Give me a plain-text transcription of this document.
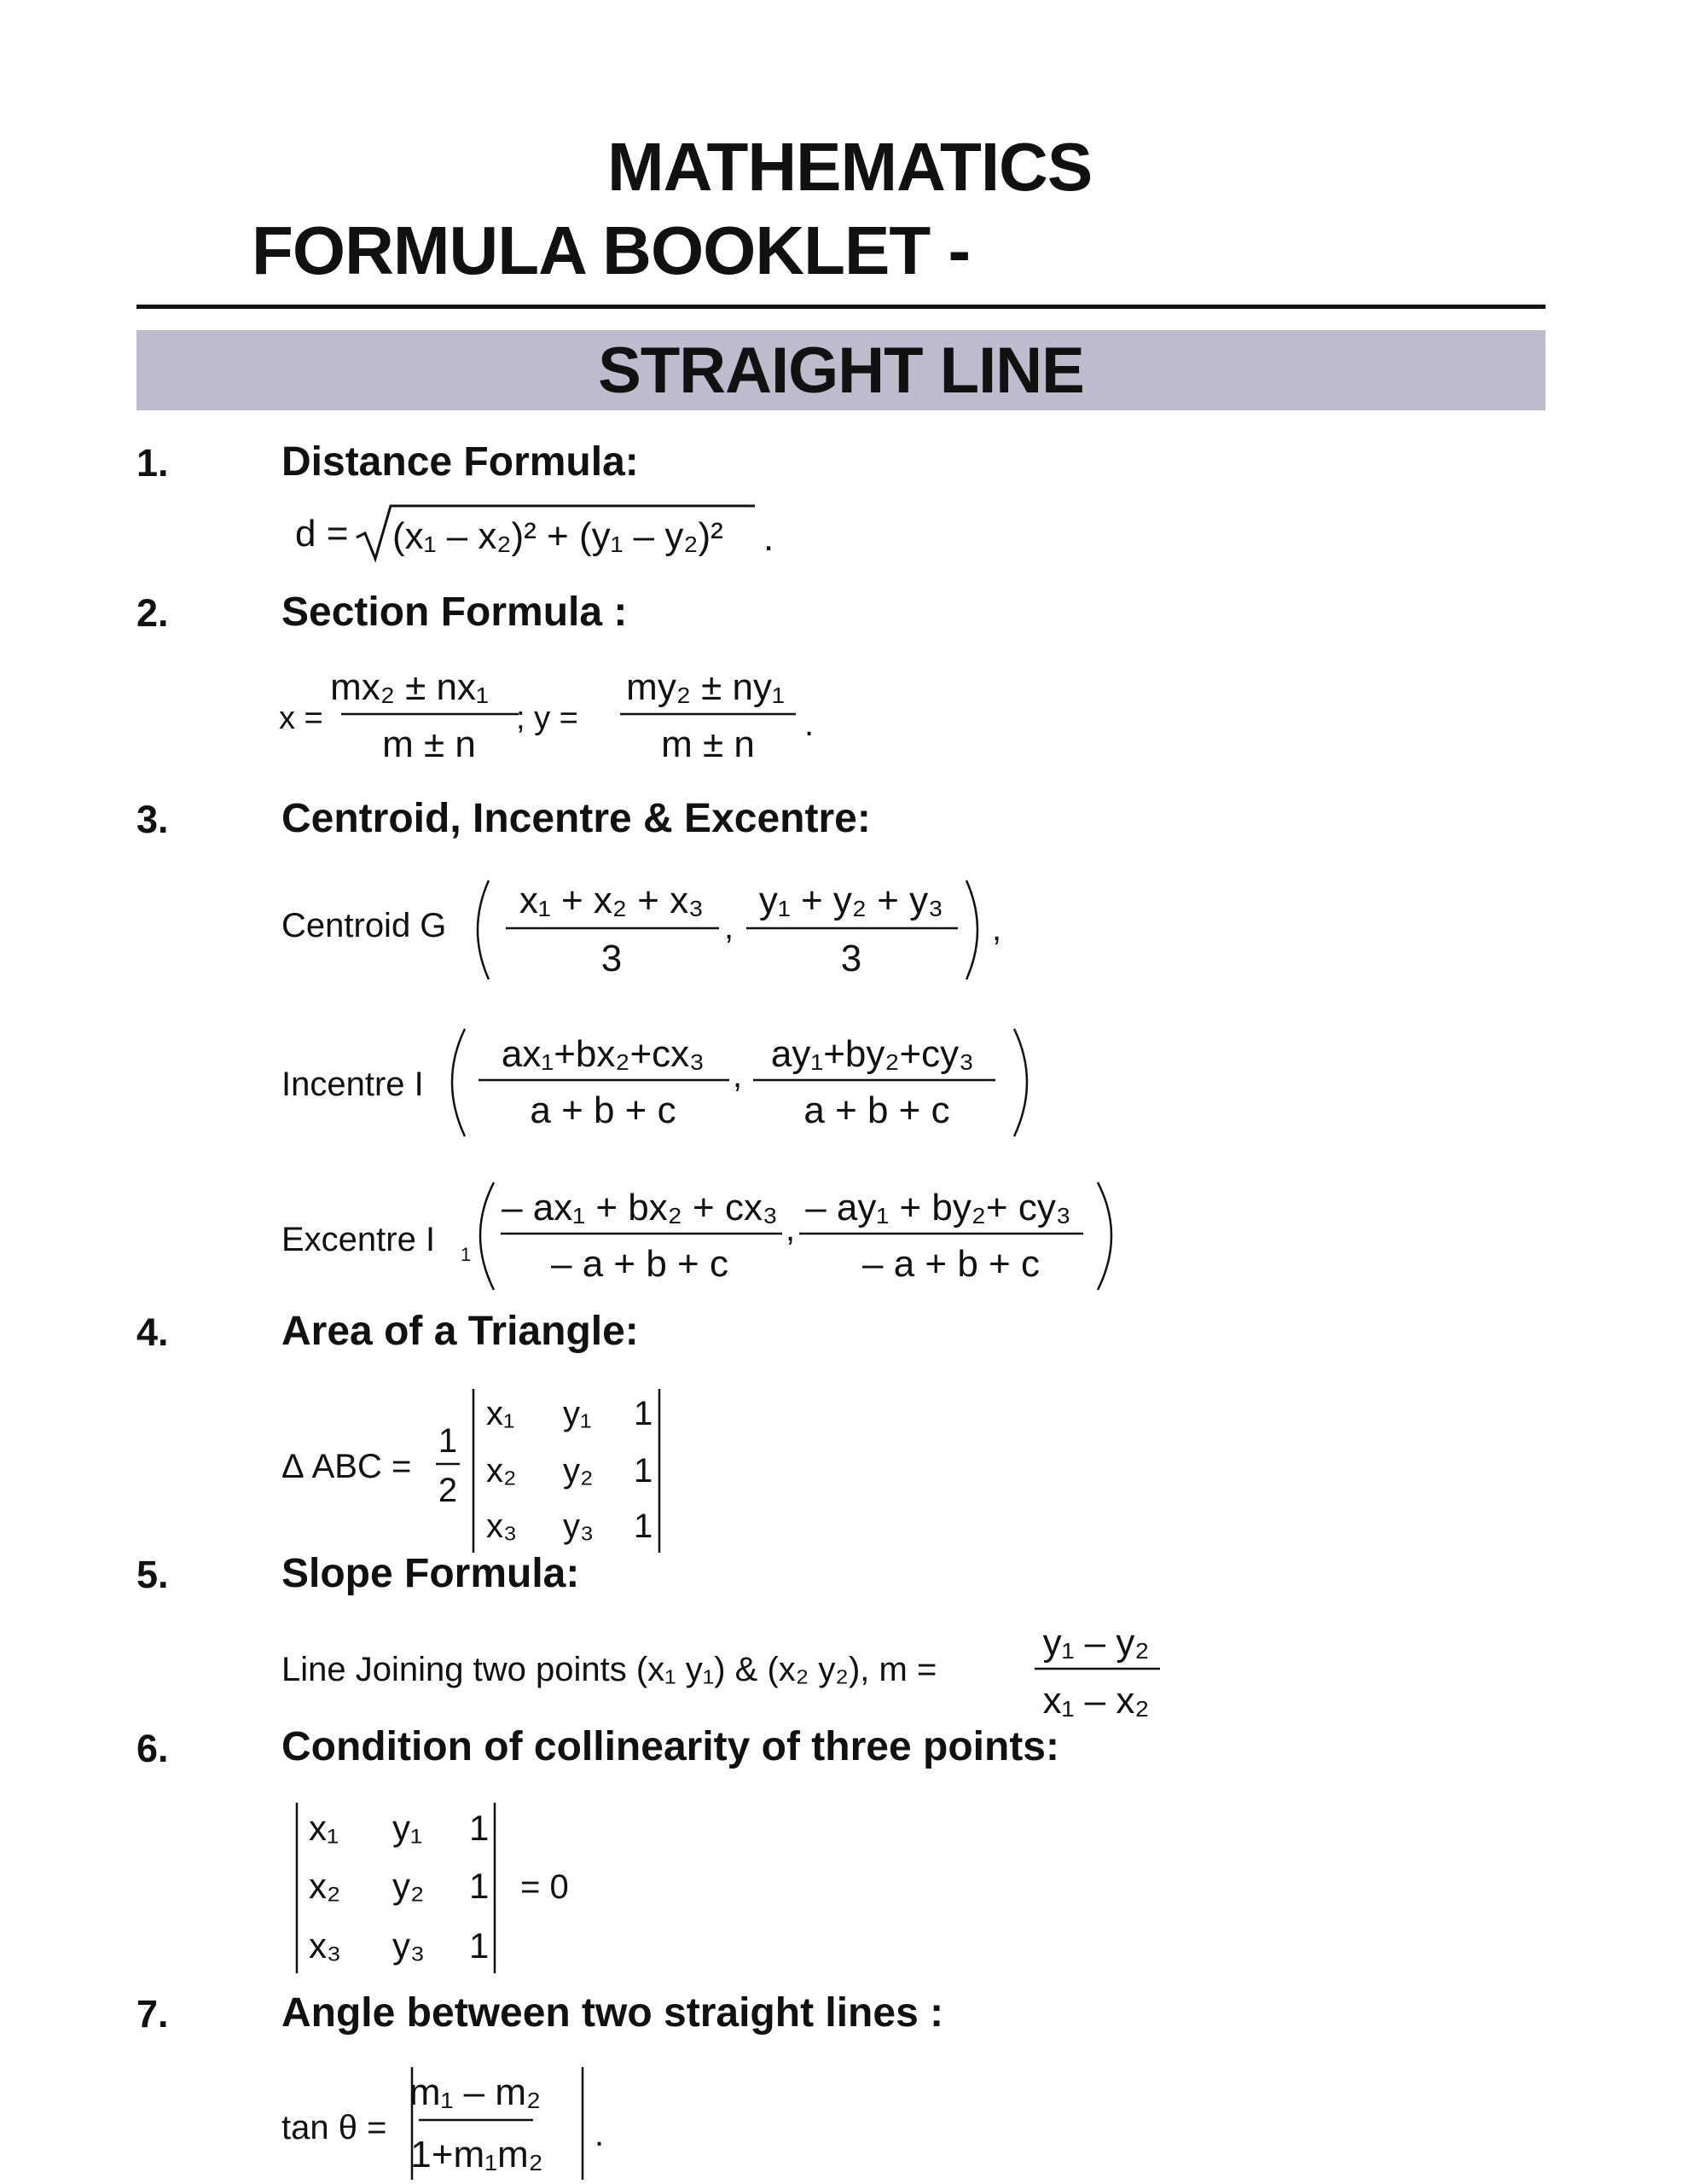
MATHEMATICS
FORMULA BOOKLET -
STRAIGHT LINE
1.	Distance Formula:
d = (x₁ – x₂)² + (y₁ – y₂)² .
2.	Section Formula :
x =
mx₂ ± nx₁
m ± n
; y =
my₂ ± ny₁
m ± n .
3.	Centroid, Incentre & Excentre:
Centroid G
x₁ + x₂ + x₃
3
,
y₁ + y₂ + y₃
3
,
Incentre I
ax₁+bx₂+cx₃
a + b + c
,
ay₁+by₂+cy₃
a + b + c
Excentre I 1
– ax₁ + bx₂ + cx₃
– a + b + c
,
– ay₁ + by₂+ cy₃
– a + b + c
4.	Area of a Triangle:
Δ ABC =
1
2
x₁ y₁ 1
x₂ y₂ 1
x₃ y₃ 1
5.	Slope Formula:
Line Joining two points (x₁ y₁) & (x₂ y₂), m =
y₁ – y₂
x₁ – x₂
6.	Condition of collinearity of three points:
x₁ y₁ 1
x₂ y₂ 1
x₃ y₃ 1
= 0
7.	Angle between two straight lines :
tan θ =
m₁ – m₂
1+m₁m₂ .
